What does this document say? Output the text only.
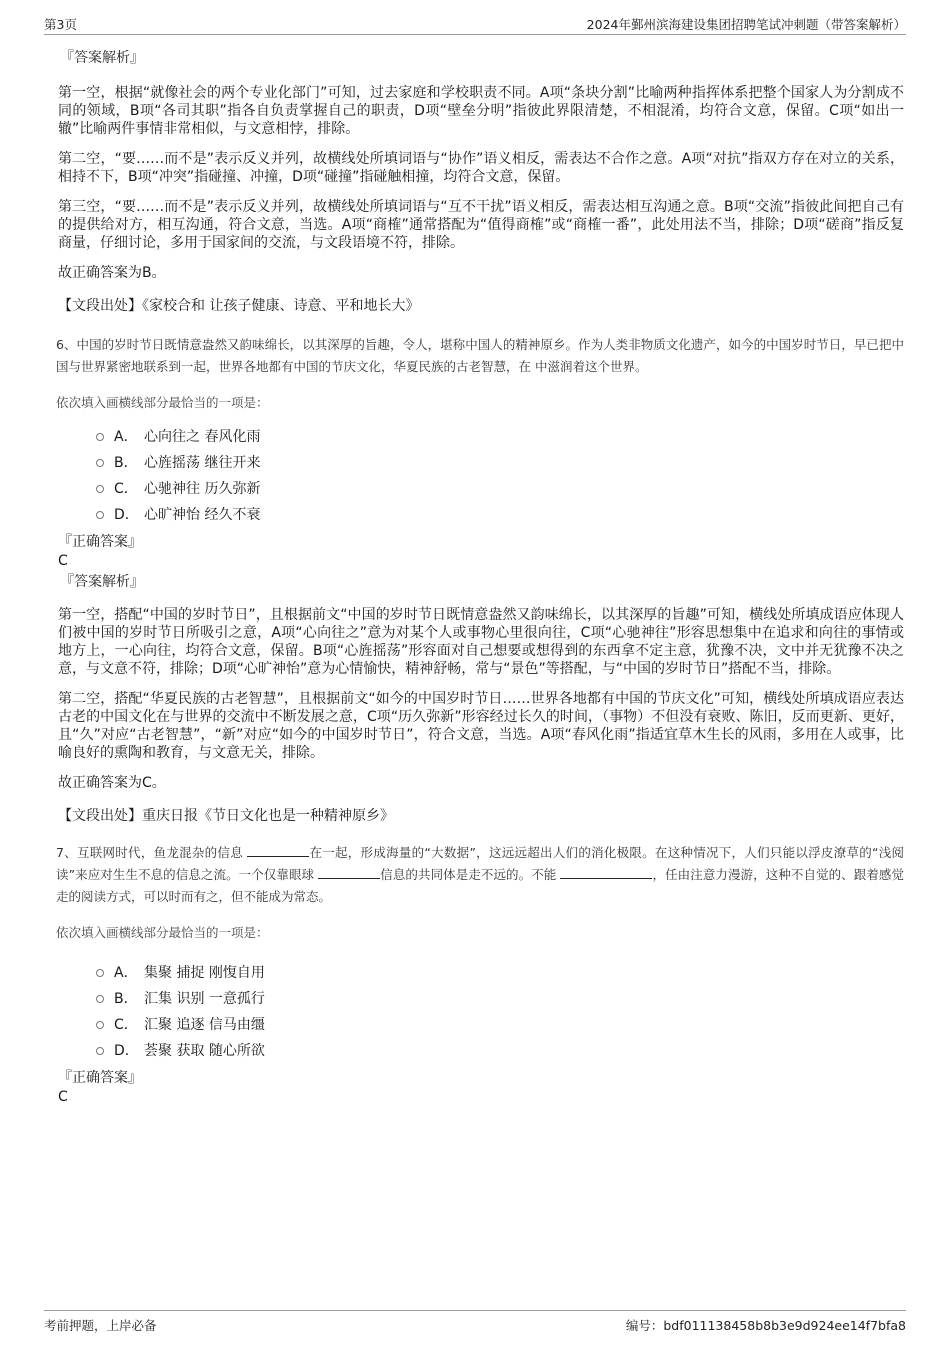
第3页	2024年鄞州滨海建设集团招聘笔试冲刺题（带答案解析）
『答案解析』

第一空，根据“就像社会的两个专业化部门”可知，过去家庭和学校职责不同。A项“条块分割”比喻两种指挥体系把整个国家人为分割成不同的领域，B项“各司其职”指各自负责掌握自己的职责，D项“壁垒分明”指彼此界限清楚，不相混淆，均符合文意，保留。C项“如出一辙”比喻两件事情非常相似，与文意相悖，排除。

第二空，“要……而不是”表示反义并列，故横线处所填词语与“协作”语义相反，需表达不合作之意。A项“对抗”指双方存在对立的关系，相持不下，B项“冲突”指碰撞、冲撞，D项“碰撞”指碰触相撞，均符合文意，保留。

第三空，“要……而不是”表示反义并列，故横线处所填词语与“互不干扰”语义相反，需表达相互沟通之意。B项“交流”指彼此间把自己有的提供给对方，相互沟通，符合文意，当选。A项“商榷”通常搭配为“值得商榷”或“商榷一番”，此处用法不当，排除；D项“磋商”指反复商量，仔细讨论，多用于国家间的交流，与文段语境不符，排除。

故正确答案为B。

【文段出处】《家校合和 让孩子健康、诗意、平和地长大》
6、中国的岁时节日既情意盎然又韵味绵长，以其深厚的旨趣，令人，堪称中国人的精神原乡。作为人类非物质文化遗产，如今的中国岁时节日，早已把中国与世界紧密地联系到一起，世界各地都有中国的节庆文化，华夏民族的古老智慧，在 中滋润着这个世界。
依次填入画横线部分最恰当的一项是：
A． 心向往之 春风化雨
B． 心旌摇荡 继往开来
C． 心驰神往 历久弥新
D． 心旷神怡 经久不衰
『正确答案』
C
『答案解析』

第一空，搭配“中国的岁时节日”，且根据前文“中国的岁时节日既情意盎然又韵味绵长，以其深厚的旨趣”可知，横线处所填成语应体现人们被中国的岁时节日所吸引之意，A项“心向往之”意为对某个人或事物心里很向往，C项“心驰神往”形容思想集中在追求和向往的事情或地方上，一心向往，均符合文意，保留。B项“心旌摇荡”形容面对自己想要或想得到的东西拿不定主意，犹豫不决，文中并无犹豫不决之意，与文意不符，排除；D项“心旷神怡”意为心情愉快，精神舒畅，常与“景色”等搭配，与“中国的岁时节日”搭配不当，排除。

第二空，搭配“华夏民族的古老智慧”，且根据前文“如今的中国岁时节日……世界各地都有中国的节庆文化”可知，横线处所填成语应表达古老的中国文化在与世界的交流中不断发展之意，C项“历久弥新”形容经过长久的时间，（事物）不但没有衰败、陈旧，反而更新、更好，且“久”对应“古老智慧”，“新”对应“如今的中国岁时节日”，符合文意，当选。A项“春风化雨”指适宜草木生长的风雨，多用在人或事，比喻良好的熏陶和教育，与文意无关，排除。

故正确答案为C。

【文段出处】重庆日报《节日文化也是一种精神原乡》
7、互联网时代，鱼龙混杂的信息	在一起，形成海量的“大数据”，这远远超出人们的消化极限。在这种情况下，人们只能以浮皮潦草的“浅阅读”来应对生生不息的信息之流。一个仅靠眼球	信息的共同体是走不远的。不能	，任由注意力漫游，这种不自觉的、跟着感觉走的阅读方式，可以时而有之，但不能成为常态。
依次填入画横线部分最恰当的一项是：
A． 集聚 捕捉 刚愎自用
B． 汇集 识别 一意孤行
C． 汇聚 追逐 信马由缰
D． 荟聚 获取 随心所欲
『正确答案』
C
考前押题，上岸必备	编号：bdf011138458b8b3e9d924ee14f7bfa8
